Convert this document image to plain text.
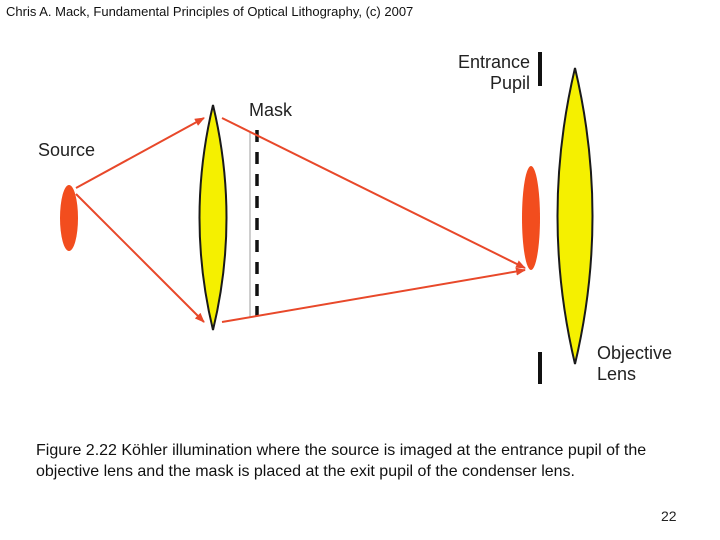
Chris A. Mack, Fundamental Principles of Optical Lithography, (c) 2007
Source
Mask
Entrance
Pupil
Objective
Lens
Figure 2.22 Köhler illumination where the source is imaged at the entrance pupil of the objective lens and the mask is placed at the exit pupil of the condenser lens.
22
